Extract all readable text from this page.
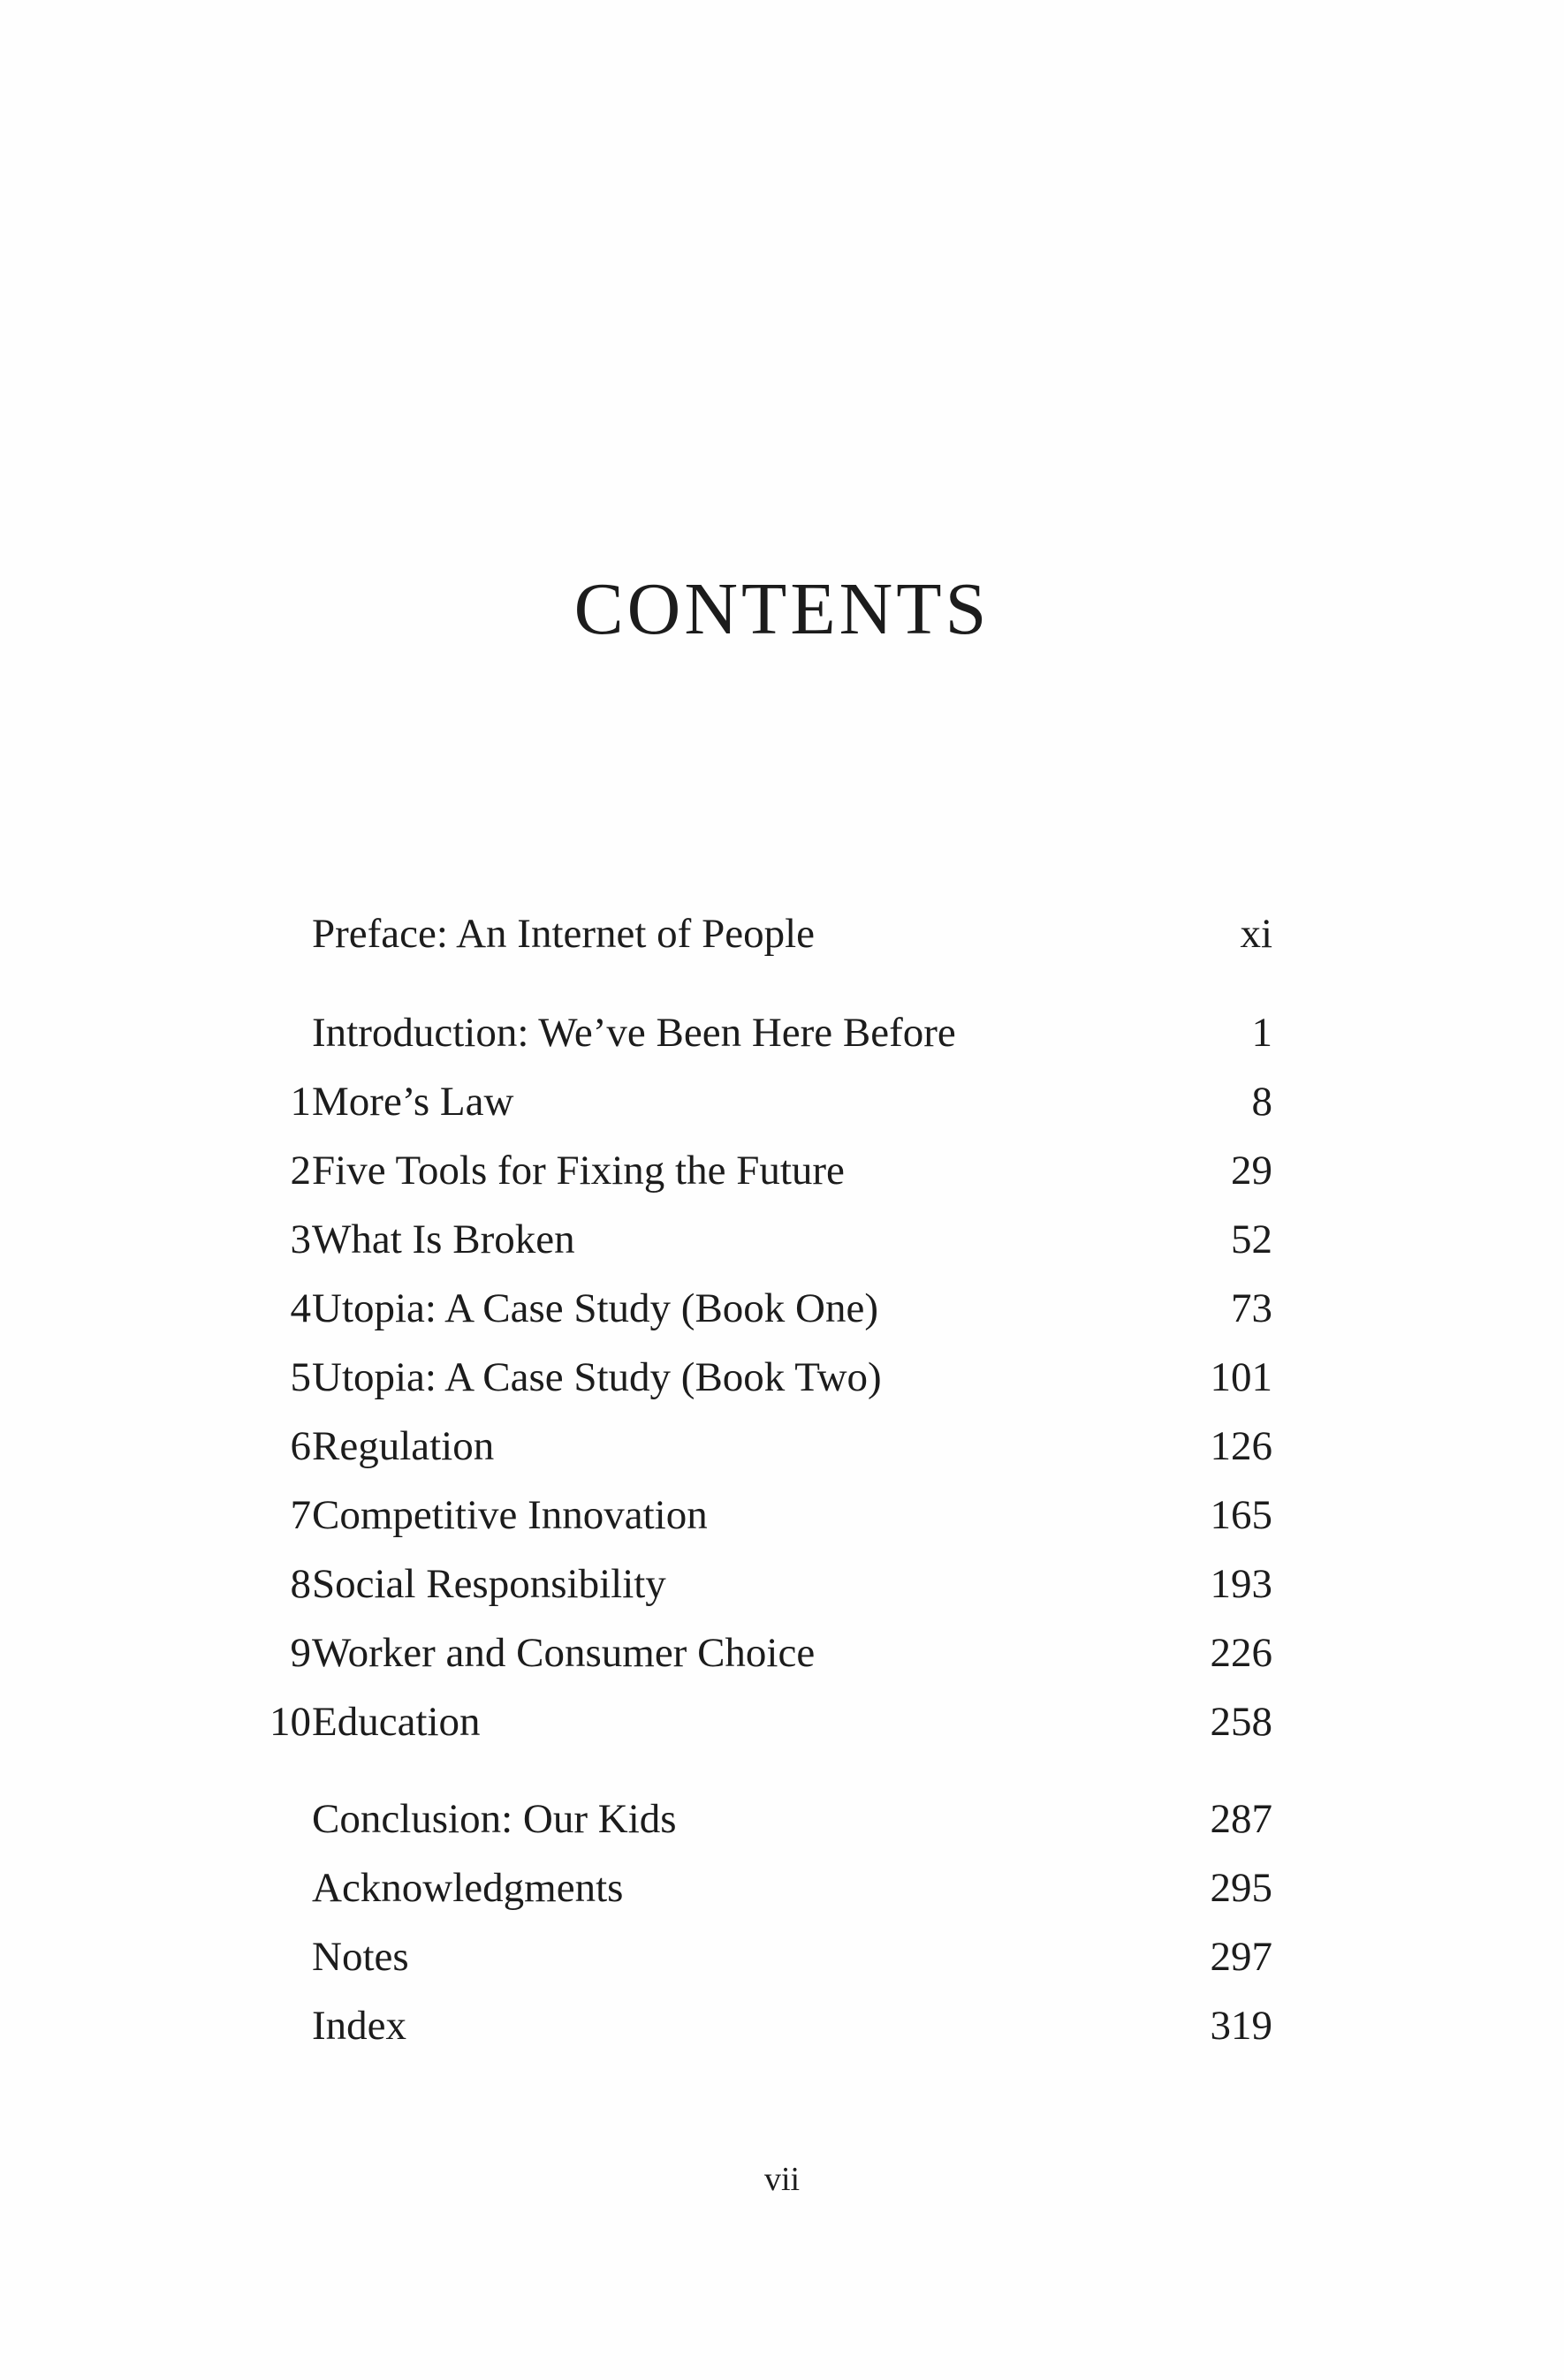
CONTENTS
Preface: An Internet of People	xi
Introduction: We’ve Been Here Before	1
1 More’s Law	8
2 Five Tools for Fixing the Future	29
3 What Is Broken	52
4 Utopia: A Case Study (Book One)	73
5 Utopia: A Case Study (Book Two)	101
6 Regulation	126
7 Competitive Innovation	165
8 Social Responsibility	193
9 Worker and Consumer Choice	226
10 Education	258
Conclusion: Our Kids	287
Acknowledgments	295
Notes	297
Index	319
vii
